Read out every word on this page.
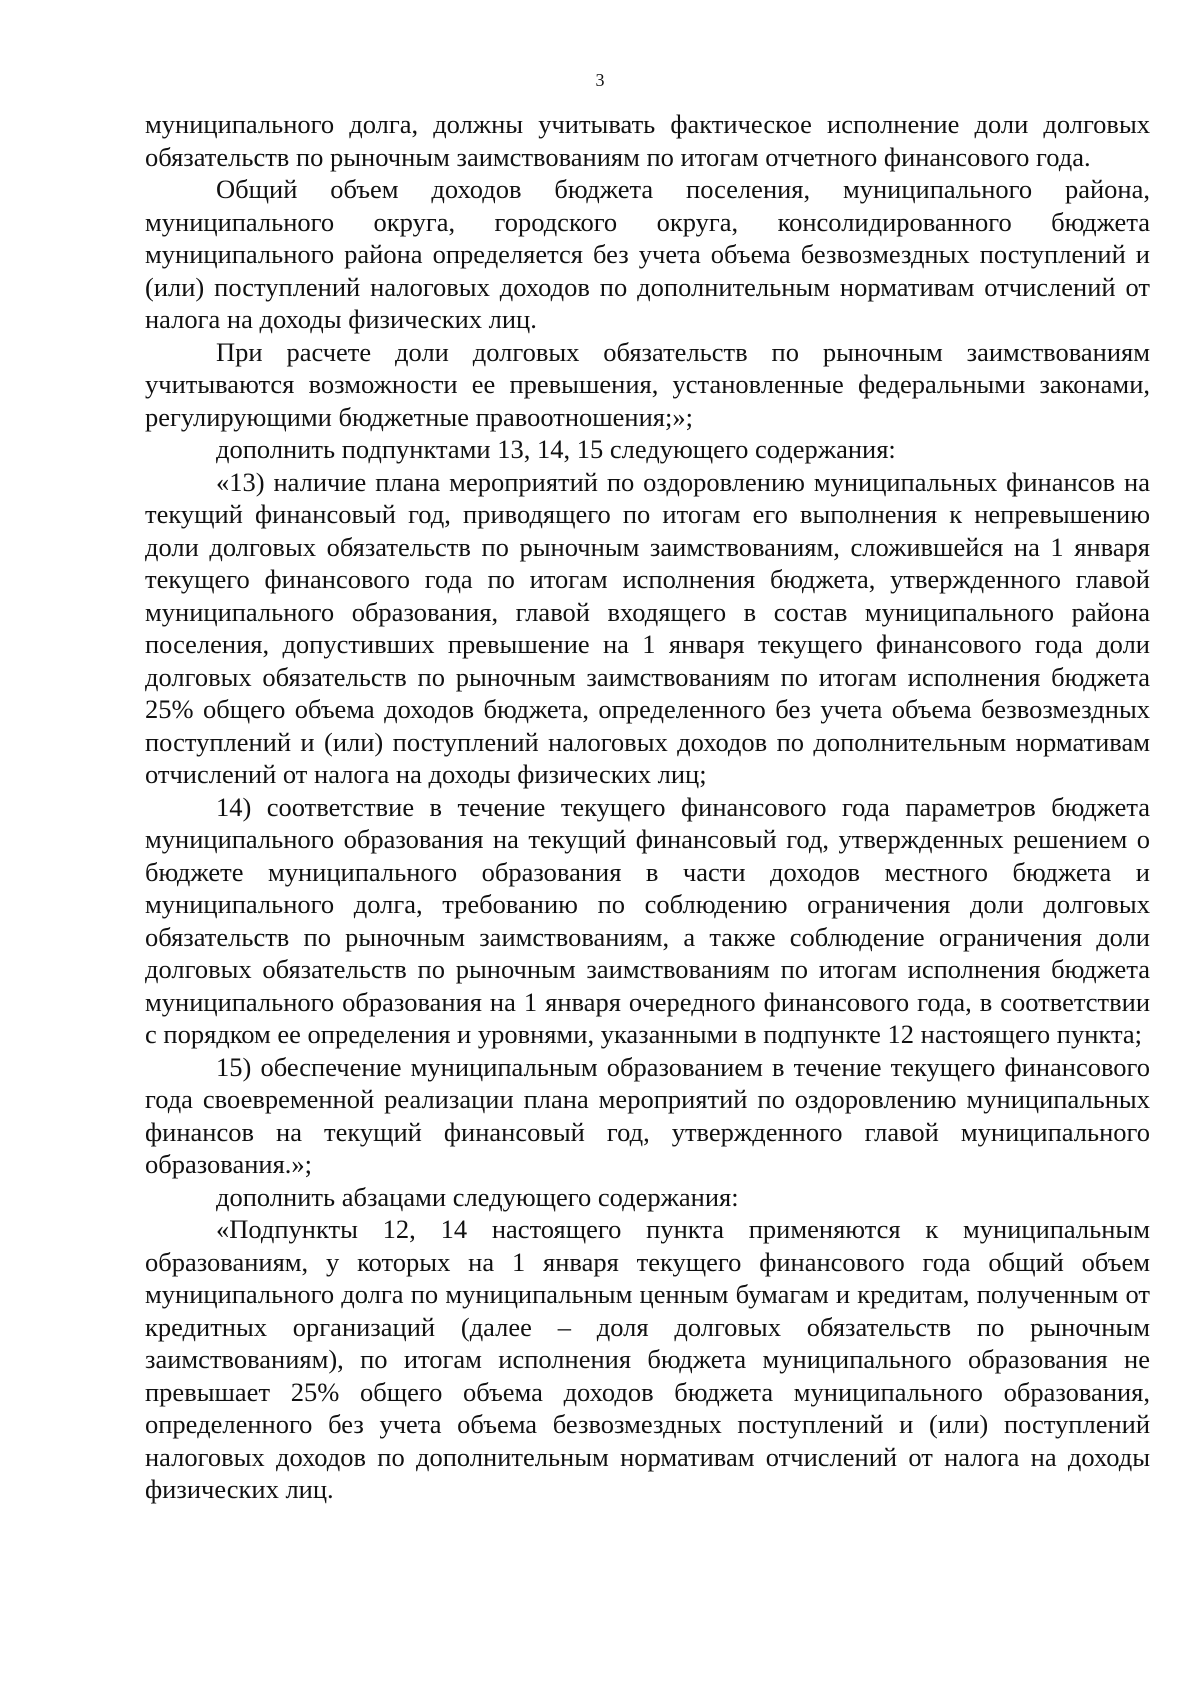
3

муниципального долга, должны учитывать фактическое исполнение доли долговых обязательств по рыночным заимствованиям по итогам отчетного финансового года.

Общий объем доходов бюджета поселения, муниципального района, муниципального округа, городского округа, консолидированного бюджета муниципального района определяется без учета объема безвозмездных поступлений и (или) поступлений налоговых доходов по дополнительным нормативам отчислений от налога на доходы физических лиц.

При расчете доли долговых обязательств по рыночным заимствованиям учитываются возможности ее превышения, установленные федеральными законами, регулирующими бюджетные правоотношения;»;

дополнить подпунктами 13, 14, 15 следующего содержания:

«13) наличие плана мероприятий по оздоровлению муниципальных финансов на текущий финансовый год, приводящего по итогам его выполнения к непревышению доли долговых обязательств по рыночным заимствованиям, сложившейся на 1 января текущего финансового года по итогам исполнения бюджета, утвержденного главой муниципального образования, главой входящего в состав муниципального района поселения, допустивших превышение на 1 января текущего финансового года доли долговых обязательств по рыночным заимствованиям по итогам исполнения бюджета 25% общего объема доходов бюджета, определенного без учета объема безвозмездных поступлений и (или) поступлений налоговых доходов по дополнительным нормативам отчислений от налога на доходы физических лиц;

14) соответствие в течение текущего финансового года параметров бюджета муниципального образования на текущий финансовый год, утвержденных решением о бюджете муниципального образования в части доходов местного бюджета и муниципального долга, требованию по соблюдению ограничения доли долговых обязательств по рыночным заимствованиям, а также соблюдение ограничения доли долговых обязательств по рыночным заимствованиям по итогам исполнения бюджета муниципального образования на 1 января очередного финансового года, в соответствии с порядком ее определения и уровнями, указанными в подпункте 12 настоящего пункта;

15) обеспечение муниципальным образованием в течение текущего финансового года своевременной реализации плана мероприятий по оздоровлению муниципальных финансов на текущий финансовый год, утвержденного главой муниципального образования.»;

дополнить абзацами следующего содержания:

«Подпункты 12, 14 настоящего пункта применяются к муниципальным образованиям, у которых на 1 января текущего финансового года общий объем муниципального долга по муниципальным ценным бумагам и кредитам, полученным от кредитных организаций (далее – доля долговых обязательств по рыночным заимствованиям), по итогам исполнения бюджета муниципального образования не превышает 25% общего объема доходов бюджета муниципального образования, определенного без учета объема безвозмездных поступлений и (или) поступлений налоговых доходов по дополнительным нормативам отчислений от налога на доходы физических лиц.
